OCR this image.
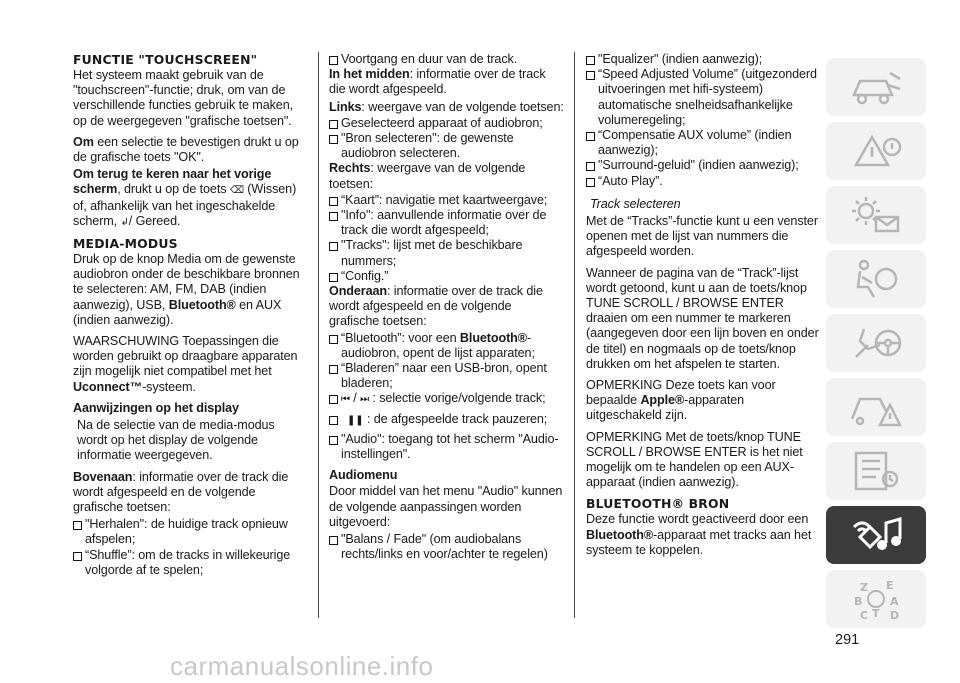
FUNCTIE "TOUCHSCREEN"

Het systeem maakt gebruik van de "touchscreen"-functie; druk, om van de verschillende functies gebruik te maken, op de weergegeven "grafische toetsen".

Om een selectie te bevestigen drukt u op de grafische toets "OK".

Om terug te keren naar het vorige scherm, drukt u op de toets ⌫ (Wissen) of, afhankelijk van het ingeschakelde scherm, ↲/ Gereed.

MEDIA-MODUS

Druk op de knop Media om de gewenste audiobron onder de beschikbare bronnen te selecteren: AM, FM, DAB (indien aanwezig), USB, Bluetooth® en AUX (indien aanwezig).

WAARSCHUWING Toepassingen die worden gebruikt op draagbare apparaten zijn mogelijk niet compatibel met het Uconnect™-systeem.

Aanwijzingen op het display

Na de selectie van de media-modus wordt op het display de volgende informatie weergegeven.

Bovenaan: informatie over de track die wordt afgespeeld en de volgende grafische toetsen:

"Herhalen": de huidige track opnieuw afspelen;
“Shuffle”: om de tracks in willekeurige volgorde af te spelen;
Voortgang en duur van de track.

In het midden: informatie over de track die wordt afgespeeld.

Links: weergave van de volgende toetsen:

Geselecteerd apparaat of audiobron;
"Bron selecteren": de gewenste audiobron selecteren.

Rechts: weergave van de volgende toetsen:

“Kaart”: navigatie met kaartweergave;
"Info": aanvullende informatie over de track die wordt afgespeeld;
"Tracks": lijst met de beschikbare nummers;
“Config.”

Onderaan: informatie over de track die wordt afgespeeld en de volgende grafische toetsen:

“Bluetooth”: voor een Bluetooth®-audiobron, opent de lijst apparaten;
“Bladeren” naar een USB-bron, opent bladeren;
⏮ / ⏭ : selectie vorige/volgende track;
❚❚ : de afgespeelde track pauzeren;
"Audio": toegang tot het scherm "Audio-instellingen".

Audiomenu

Door middel van het menu "Audio" kunnen de volgende aanpassingen worden uitgevoerd:

"Balans / Fade" (om audiobalans rechts/links en voor/achter te regelen)
"Equalizer" (indien aanwezig);
“Speed Adjusted Volume” (uitgezonderd uitvoeringen met hifi-systeem) automatische snelheidsafhankelijke volumeregeling;
“Compensatie AUX volume” (indien aanwezig);
"Surround-geluid" (indien aanwezig);
“Auto Play”.

Track selecteren

Met de “Tracks”-functie kunt u een venster openen met de lijst van nummers die afgespeeld worden.

Wanneer de pagina van de “Track”-lijst wordt getoond, kunt u aan de toets/knop TUNE SCROLL / BROWSE ENTER draaien om een nummer te markeren (aangegeven door een lijn boven en onder de titel) en nogmaals op de toets/knop drukken om het afspelen te starten.

OPMERKING Deze toets kan voor bepaalde Apple®-apparaten uitgeschakeld zijn.

OPMERKING Met de toets/knop TUNE SCROLL / BROWSE ENTER is het niet mogelijk om te handelen op een AUX-apparaat (indien aanwezig).

BLUETOOTH® BRON

Deze functie wordt geactiveerd door een Bluetooth®-apparaat met tracks aan het systeem te koppelen.

Z E
B	A
C T D
291
carmanualsonline.info
